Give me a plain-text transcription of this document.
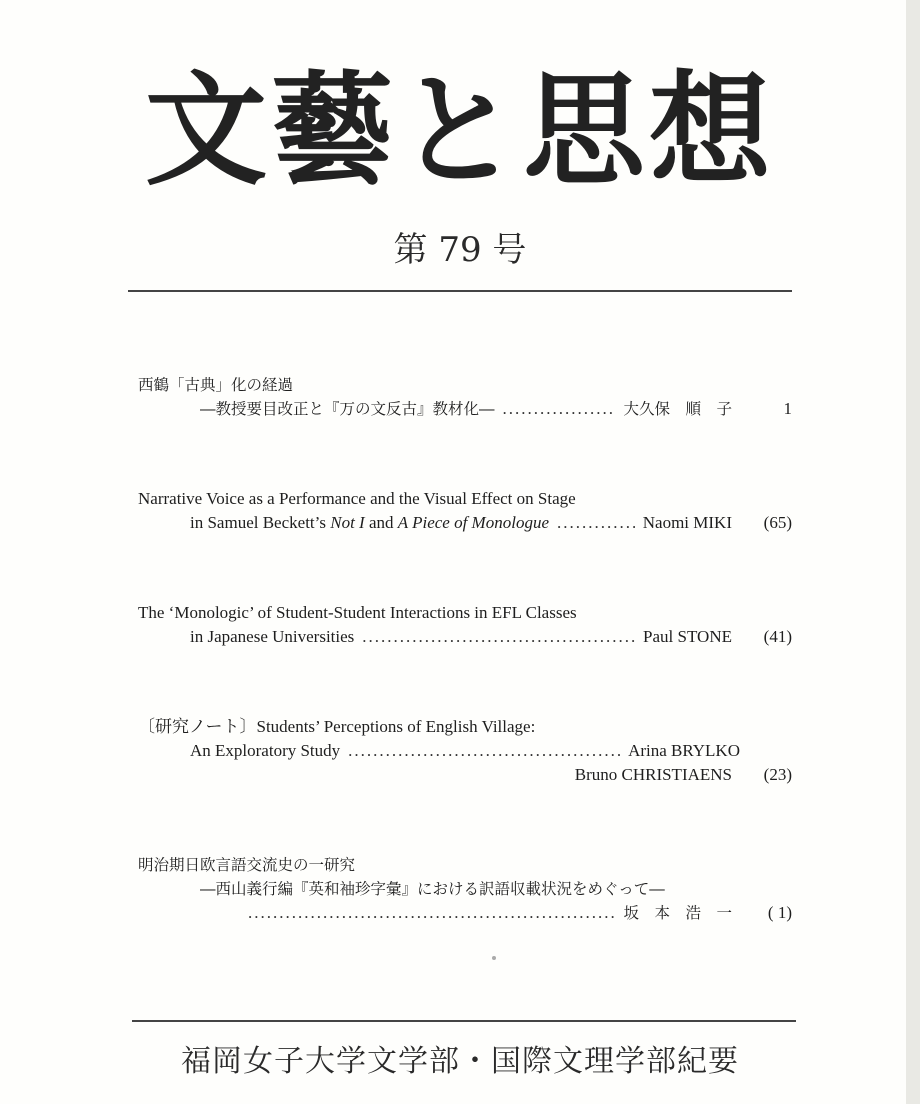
文藝と思想
第 79 号
西鶴「古典」化の経過
―教授要目改正と『万の文反古』教材化― .....	大久保　順　子	1
Narrative Voice as a Performance and the Visual Effect on Stage
in Samuel Beckett’s Not I and A Piece of Monologue .....	Naomi MIKI	(65)
The ‘Monologic’ of Student-Student Interactions in EFL Classes
in Japanese Universities .....	Paul STONE	(41)
〔研究ノート〕Students’ Perceptions of English Village:
An Exploratory Study .....	Arina BRYLKO
Bruno CHRISTIAENS	(23)
明治期日欧言語交流史の一研究
―西山義行編『英和袖珍字彙』における訳語収載状況をめぐって―
.....
坂　本　浩　一	( 1)
福岡女子大学文学部・国際文理学部紀要
